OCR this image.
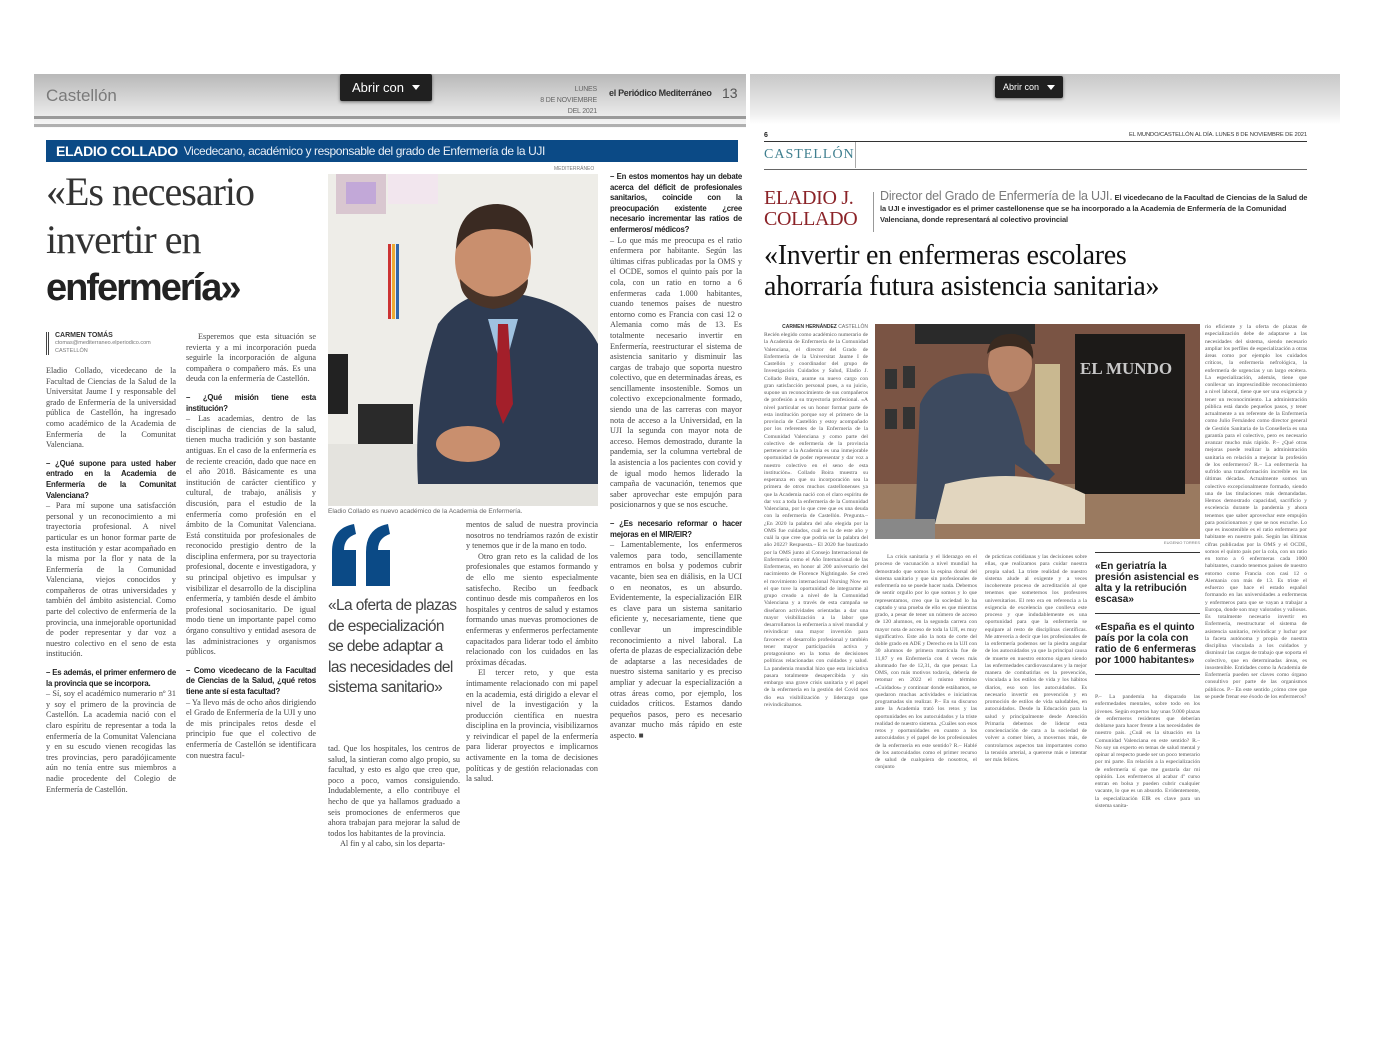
Castellón	Abrir con	LUNES
8 DE NOVIEMBRE DEL 2021
el Periódico Mediterráneo 13
ELADIO COLLADO Vicedecano, académico y responsable del grado de Enfermería de la UJI
MEDITERRÁNEO
«Es necesario
invertir en
enfermería»
CARMEN TOMÁS
ctomas@mediterraneo.elperiodico.com
CASTELLÓN

Eladio Collado, vicedecano de la Facultad de Ciencias de la Salud de la Universitat Jaume I y responsable del grado de Enfermería de la universidad pública de Castellón, ha ingresado como académico de la Academia de Enfermería de la Comunitat Valenciana.

– ¿Qué supone para usted haber entrado en la Academia de Enfermería de la Comunitat Valenciana?

– Para mí supone una satisfacción personal y un reconocimiento a mi trayectoria profesional. A nivel particular es un honor formar parte de esta institución y estar acompañado en la misma por la flor y nata de la Enfermería de la Comunidad Valenciana, viejos conocidos y compañeros de otras universidades y también del ámbito asistencial. Como parte del colectivo de enfermería de la provincia, una inmejorable oportunidad de poder representar y dar voz a nuestro colectivo en el seno de esta institución.

– Es además, el primer enfermero de la provincia que se incorpora.

– Sí, soy el académico numerario nº 31 y soy el primero de la provincia de Castellón. La academia nació con el claro espíritu de representar a toda la enfermería de la Comunitat Valenciana y en su escudo vienen recogidas las tres provincias, pero paradójicamente aún no tenía entre sus miembros a nadie procedente del Colegio de Enfermería de Castellón.

Esperemos que esta situación se revierta y a mi incorporación pueda seguirle la incorporación de alguna compañera o compañero más. Es una deuda con la enfermería de Castellón.

– ¿Qué misión tiene esta institución?

– Las academias, dentro de las disciplinas de ciencias de la salud, tienen mucha tradición y son bastante antiguas. En el caso de la enfermería es de reciente creación, dado que nace en el año 2018. Básicamente es una institución de carácter científico y cultural, de trabajo, análisis y discusión, para el estudio de la enfermería como profesión en el ámbito de la Comunitat Valenciana. Está constituida por profesionales de reconocido prestigio dentro de la disciplina enfermera, por su trayectoria profesional, docente e investigadora, y su principal objetivo es impulsar y visibilizar el desarrollo de la disciplina enfermería, y también desde el ámbito profesional sociosanitario. De igual modo tiene un importante papel como órgano consultivo y entidad asesora de las administraciones y organismos públicos.

– Como vicedecano de la Facultad de Ciencias de la Salud, ¿qué retos tiene ante sí esta facultad?

– Ya llevo más de ocho años dirigiendo el Grado de Enfermería de la UJI y uno de mis principales retos desde el principio fue que el colectivo de enfermería de Castellón se identificara con nuestra facul-

Eladio Collado es nuevo académico de la Academia de Enfermería.
«La oferta de plazas de especialización se debe adaptar a las necesidades del sistema sanitario»

mentos de salud de nuestra provincia nosotros no tendríamos razón de existir y tenemos que ir de la mano en todo.

Otro gran reto es la calidad de los profesionales que estamos formando y de ello me siento especialmente satisfecho. Recibo un feedback continuo desde mis compañeros en los hospitales y centros de salud y estamos formando unas nuevas promociones de enfermeras y enfermeros perfectamente capacitados para liderar todo el ámbito relacionado con los cuidados en las próximas décadas.

El tercer reto, y que esta íntimamente relacionado con mi papel en la academia, está dirigido a elevar el nivel de la investigación y la producción científica en nuestra disciplina en la provincia, visibilizarnos y reivindicar el papel de la enfermería para liderar proyectos e implicarnos activamente en la toma de decisiones políticas y de gestión relacionadas con la salud.

tad. Que los hospitales, los centros de salud, la sintieran como algo propio, su facultad, y esto es algo que creo que, poco a poco, vamos consiguiendo. Indudablemente, a ello contribuye el hecho de que ya hallamos graduado a seis promociones de enfermeros que ahora trabajan para mejorar la salud de todos los habitantes de la provincia.

Al fin y al cabo, sin los departa-

– En estos momentos hay un debate acerca del déficit de profesionales sanitarios, coincide con la preocupación existente ¿cree necesario incrementar las ratios de enfermeros/ médicos?

– Lo que más me preocupa es el ratio enfermera por habitante. Según las últimas cifras publicadas por la OMS y el OCDE, somos el quinto país por la cola, con un ratio en torno a 6 enfermeras cada 1.000 habitantes, cuando tenemos países de nuestro entorno como es Francia con casi 12 o Alemania como más de 13. Es totalmente necesario invertir en Enfermería, reestructurar el sistema de asistencia sanitario y disminuir las cargas de trabajo que soporta nuestro colectivo, que en determinadas áreas, es sencillamente insostenible. Somos un colectivo excepcionalmente formado, siendo una de las carreras con mayor nota de acceso a la Universidad, en la UJI la segunda con mayor nota de acceso. Hemos demostrado, durante la pandemia, ser la columna vertebral de la asistencia a los pacientes con covid y de igual modo hemos liderado la campaña de vacunación, tenemos que saber aprovechar este empujón para posicionarnos y que se nos escuche.

– ¿Es necesario reformar o hacer mejoras en el MIR/EIR?

– Lamentablemente, los enfermeros valemos para todo, sencillamente entramos en bolsa y podemos cubrir vacante, bien sea en diálisis, en la UCI o en neonatos, es un absurdo. Evidentemente, la especialización EIR es clave para un sistema sanitario eficiente y, necesariamente, tiene que conllevar un imprescindible reconocimiento a nivel laboral. La oferta de plazas de especialización debe de adaptarse a las necesidades de nuestro sistema sanitario y es preciso ampliar y adecuar la especialización a otras áreas como, por ejemplo, los cuidados críticos. Estamos dando pequeños pasos, pero es necesario avanzar mucho más rápido en este aspecto. ■

Abrir con
6	EL MUNDO/CASTELLÓN AL DÍA. LUNES 8 DE NOVIEMBRE DE 2021
CASTELLÓN
ELADIO J.
COLLADO
Director del Grado de Enfermería de la UJI. El vicedecano de la Facultad de Ciencias de la Salud de la UJI e investigador es el primer castellonense que se ha incorporado a la Academia de Enfermería de la Comunidad Valenciana, donde representará al colectivo provincial
«Invertir en enfermeras escolares
ahorraría futura asistencia sanitaria»
CARMEN HERNÁNDEZ CASTELLÓN

Recién elegido como académico numerario de la Academia de Enfermería de la Comunidad Valenciana, el director del Grado de Enfermería de la Universitat Jaume I de Castellón y coordinador del grupo de Investigación Cuidados y Salud, Eladio J. Collado Boira, asume su nuevo cargo con gran satisfacción personal pues, a su juicio, supone un reconocimiento de sus compañeros de profesión a su trayectoria profesional. «A nivel particular es un honor formar parte de esta institución porque soy el primero de la provincia de Castellón y estoy acompañado por los referentes de la Enfermería de la Comunidad Valenciana y como parte del colectivo de enfermería de la provincia pertenecer a la Academia es una inmejorable oportunidad de poder representar y dar voz a nuestro colectivo en el seno de esta institución». Collado Boira muestra su esperanza en que su incorporación sea la primera de otros muchos castellonenses ya que la Academia nació con el claro espíritu de dar voz a toda la enfermería de la Comunidad Valenciana, por lo que cree que es una deuda con la enfermería de Castellón. Pregunta.– ¿En 2020 la palabra del año elegida por la OMS fue cuidados, cuál es la de este año y cuál la que cree que podría ser la palabra del año 2022? Respuesta.– El 2020 fue bautizado por la OMS junto al Consejo Internacional de Enfermería como el Año Internacional de las Enfermeras, en honor al 200 aniversario del nacimiento de Florence Nightingale. Se creó el movimiento internacional Nursing Now en el que tuve la oportunidad de integrarme al grupo creado a nivel de la Comunidad Valenciana y a través de esta campaña se diseñaron actividades orientadas a dar una mayor visibilización a la labor que desarrollamos la enfermería a nivel mundial y reivindicar una mayor inversión para favorecer el desarrollo profesional y también tener mayor participación activa y protagonismo en la toma de decisiones políticas relacionadas con cuidados y salud. La pandemia mundial hizo que esta iniciativa pasara totalmente desapercibida y sin embargo una grave crisis sanitaria y el papel de la enfermería en la gestión del Covid nos dio esa visibilización y liderazgo que reivindicábamos.

EL MUNDO
EUGENIO TORRES

La crisis sanitaria y el liderazgo en el proceso de vacunación a nivel mundial ha demostrado que somos la espina dorsal del sistema sanitario y que sin profesionales de enfermería no se puede hacer nada. Debemos de sentir orgullo por lo que somos y lo que representamos, creo que la sociedad lo ha captado y una prueba de ello es que mientras grado, a pesar de tener un número de acceso de 120 alumnos, en la segunda carrera con mayor nota de acceso de toda la UJI, es muy significativo. Este año la nota de corte del doble grado en ADE y Derecho en la UJI con 30 alumnos de primera matrícula fue de 11,87 y en Enfermería con 4 veces más alumnado fue de 12,31, da que pensar. La OMS, con más motivos todavía, debería de retomar en 2022 el mismo término «Cuidados» y continuar donde estábamos, se quedaron muchas actividades e iniciativas programadas sin realizar. P.– En su discurso ante la Academia trató los retos y las oportunidades en los autocuidados y la triste realidad de nuestro sistema. ¿Cuáles son esos retos y oportunidades en cuanto a los autocuidados y el papel de los profesionales de la enfermería en este sentido? R.– Hablé de los autocuidados como el primer recurso de salud de cualquiera de nosotros, el conjunto

de prácticas cotidianas y las decisiones sobre ellas, que realizamos para cuidar nuestra propia salud. La triste realidad de nuestro sistema alude al exigente y a veces incoherente proceso de acreditación al que tenemos que someternos los profesores universitarios. El reto era en referencia a la exigencia de excelencia que conlleva este proceso y que indudablemente es una oportunidad para que la enfermería se equipare al resto de disciplinas científicas. Me atrevería a decir que los profesionales de la enfermería podemos ser la piedra angular de los autocuidados ya que la principal causa de muerte en nuestro entorno siguen siendo las enfermedades cardiovasculares y la mejor manera de combatirlas es la prevención, vinculada a los estilos de vida y los hábitos diarios, eso son los autocuidados. Es necesario invertir en prevención y en promoción de estilos de vida saludables, en autocuidados. Desde la Educación para la salud y principalmente desde Atención Primaria debemos de liderar esta concienciación de cara a la sociedad de volver a comer bien, a movernos más, de controlarnos aspectos tan importantes como la tensión arterial, a quererse más e intentar ser más felices.

«En geriatría la presión asistencial es alta y la retribución escasa»
«España es el quinto país por la cola con ratio de 6 enfermeras por 1000 habitantes»

P.– La pandemia ha disparado las enfermedades mentales, sobre todo en los jóvenes. Según expertos hay unas 9.000 plazas de enfermeros residentes que deberían doblarse para hacer frente a las necesidades de nuestro país. ¿Cuál es la situación en la Comunidad Valenciana en este sentido? R.– No soy un experto en temas de salud mental y opinar al respecto puede ser un poco temerario por mi parte. En relación a la especialización de enfermería sí que me gustaría dar mi opinión. Los enfermeros al acabar 4º curso entran en bolsa y pueden cubrir cualquier vacante, lo que es un absurdo. Evidentemente, la especialización EIR es clave para un sistema sanita-

rio eficiente y la oferta de plazas de especialización debe de adaptarse a las necesidades del sistema, siendo necesario ampliar los perfiles de especialización a otras áreas como por ejemplo los cuidados críticos, la enfermería nefrológica, la enfermería de urgencias y un largo etcétera. La especialización, además, tiene que conllevar un imprescindible reconocimiento a nivel laboral, tiene que ser una exigencia y tener un reconocimiento. La administración pública está dando pequeños pasos, y tener actualmente a un referente de la Enfermería como Julio Fernández como director general de Gestión Sanitaria de la Consellería es una garantía para el colectivo, pero es necesario avanzar mucho más rápido. P.– ¿Qué otras mejoras puede realizar la administración sanitaria en relación a mejorar la profesión de los enfermeros? R.– La enfermería ha sufrido una transformación increíble en las últimas décadas. Actualmente somos un colectivo excepcionalmente formado, siendo una de las titulaciones más demandadas. Hemos demostrado capacidad, sacrificio y excelencia durante la pandemia y ahora tenemos que saber aprovechar este empujón para posicionarnos y que se nos escuche. Lo que es insostenible es el ratio enfermera por habitante en nuestro país. Según las últimas cifras publicadas por la OMS y el OCDE, somos el quinto país por la cola, con un ratio en torno a 6 enfermeras cada 1000 habitantes, cuando tenemos países de nuestro entorno como Francia con casi 12 o Alemania con más de 13. Es triste el esfuerzo que hace el estado español formando en las universidades a enfermeras y enfermeros para que se vayan a trabajar a Europa, donde son muy valorados y valiosos. Es totalmente necesario invertir en Enfermería, reestructurar el sistema de asistencia sanitario, reivindicar y luchar por la faceta autónoma y propia de nuestra disciplina vinculada a los cuidados y disminuir las cargas de trabajo que soporta el colectivo, que en determinadas áreas, es insostenible. Entidades como la Academia de Enfermería pueden ser claves como órgano consultivo por parte de las organismos públicos. P.– En este sentido ¿cómo cree que se puede frenar ese éxodo de los enfermeros?
